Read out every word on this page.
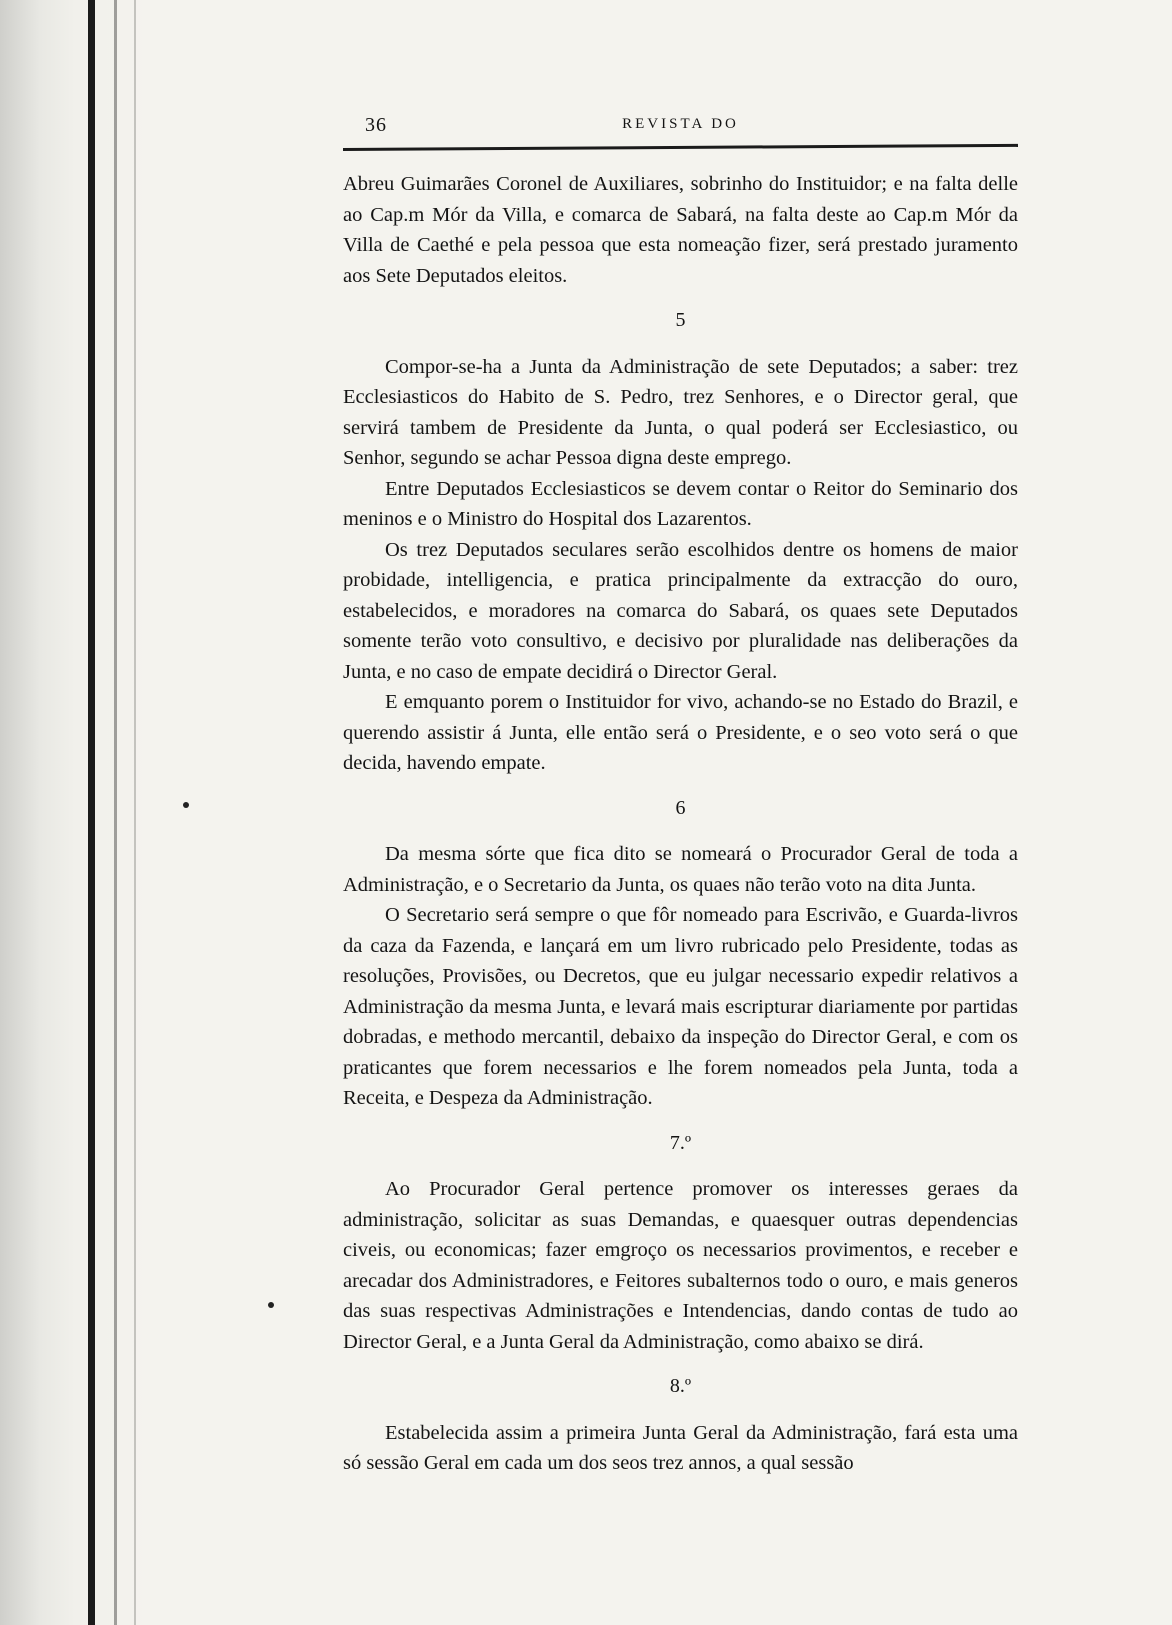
36	REVISTA DO

Abreu Guimarães Coronel de Auxiliares, sobrinho do Instituidor; e na falta delle ao Cap.m Mór da Villa, e comarca de Sabará, na falta deste ao Cap.m Mór da Villa de Caethé e pela pessoa que esta nomeação fizer, será prestado juramento aos Sete Deputados eleitos.

5

Compor-se-ha a Junta da Administração de sete Deputados; a saber: trez Ecclesiasticos do Habito de S. Pedro, trez Senhores, e o Director geral, que servirá tambem de Presidente da Junta, o qual poderá ser Ecclesiastico, ou Senhor, segundo se achar Pessoa digna deste emprego.

Entre Deputados Ecclesiasticos se devem contar o Reitor do Seminario dos meninos e o Ministro do Hospital dos Lazarentos.

Os trez Deputados seculares serão escolhidos dentre os homens de maior probidade, intelligencia, e pratica principalmente da extracção do ouro, estabelecidos, e moradores na comarca do Sabará, os quaes sete Deputados somente terão voto consultivo, e decisivo por pluralidade nas deliberações da Junta, e no caso de empate decidirá o Director Geral.

E emquanto porem o Instituidor for vivo, achando-se no Estado do Brazil, e querendo assistir á Junta, elle então será o Presidente, e o seo voto será o que decida, havendo empate.

6

Da mesma sórte que fica dito se nomeará o Procurador Geral de toda a Administração, e o Secretario da Junta, os quaes não terão voto na dita Junta.

O Secretario será sempre o que fôr nomeado para Escrivão, e Guarda-livros da caza da Fazenda, e lançará em um livro rubricado pelo Presidente, todas as resoluções, Provisões, ou Decretos, que eu julgar necessario expedir relativos a Administração da mesma Junta, e levará mais escripturar diariamente por partidas dobradas, e methodo mercantil, debaixo da inspeção do Director Geral, e com os praticantes que forem necessarios e lhe forem nomeados pela Junta, toda a Receita, e Despeza da Administração.

7.º

Ao Procurador Geral pertence promover os interesses geraes da administração, solicitar as suas Demandas, e quaesquer outras dependencias civeis, ou economicas; fazer emgroço os necessarios provimentos, e receber e arecadar dos Administradores, e Feitores subalternos todo o ouro, e mais generos das suas respectivas Administrações e Intendencias, dando contas de tudo ao Director Geral, e a Junta Geral da Administração, como abaixo se dirá.

8.º

Estabelecida assim a primeira Junta Geral da Administração, fará esta uma só sessão Geral em cada um dos seos trez annos, a qual sessão
